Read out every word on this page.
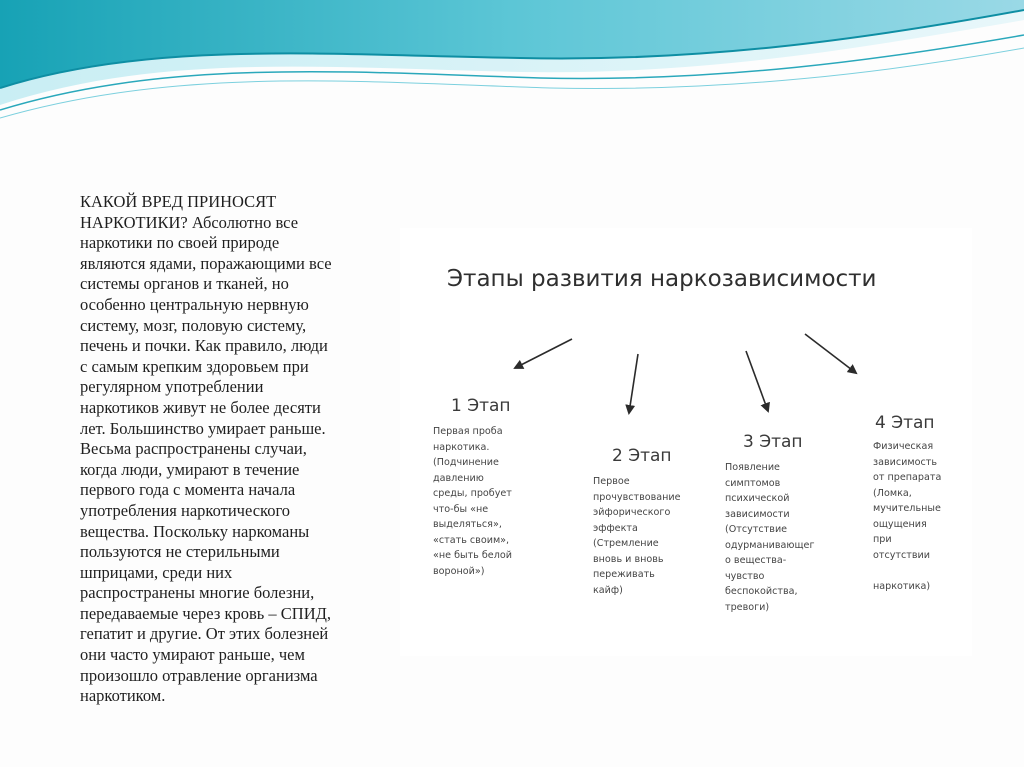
КАКОЙ ВРЕД ПРИНОСЯТ
НАРКОТИКИ? Абсолютно все
наркотики по своей природе
являются ядами, поражающими все
системы органов и тканей, но
особенно центральную нервную
систему, мозг, половую систему,
печень и почки. Как правило, люди
с самым крепким здоровьем при
регулярном употреблении
наркотиков живут не более десяти
лет. Большинство умирает раньше.
Весьма распространены случаи,
когда люди, умирают в течение
первого года с момента начала
употребления наркотического
вещества. Поскольку наркоманы
пользуются не стерильными
шприцами, среди них
распространены многие болезни,
передаваемые через кровь – СПИД,
гепатит и другие. От этих болезней
они часто умирают раньше, чем
произошло отравление организма
наркотиком.
Этапы развития наркозависимости
1 Этап
Первая проба
наркотика.
(Подчинение
давлению
среды, пробует
что-бы «не
выделяться»,
«стать своим»,
«не быть белой
вороной»)
2 Этап
Первое
прочувствование
эйфорического
эффекта
(Стремление
вновь и вновь
переживать
кайф)
3 Этап
Появление
симптомов
психической
зависимости
(Отсутствие
одурманивающег
о вещества-
чувство
беспокойства,
тревоги)
4 Этап
Физическая
зависимость
от препарата
(Ломка,
мучительные
ощущения
при
отсутствии
наркотика)
